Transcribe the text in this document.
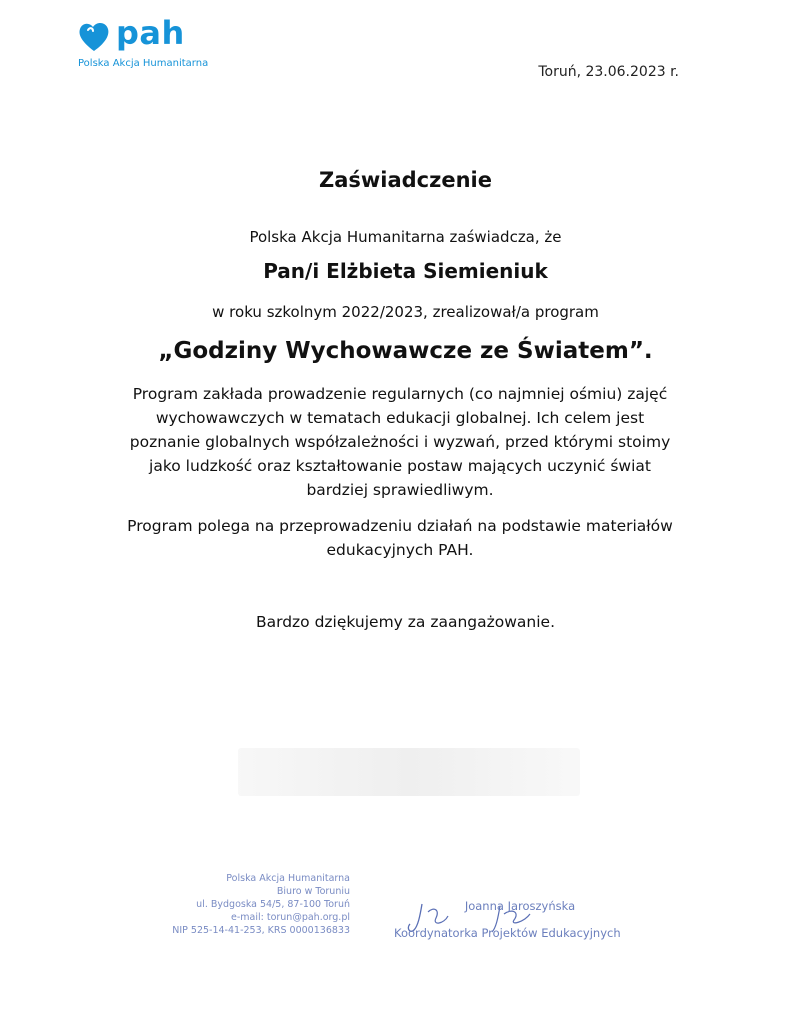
pah
Polska Akcja Humanitarna
Toruń, 23.06.2023 r.
Zaświadczenie
Polska Akcja Humanitarna zaświadcza, że
Pan/i Elżbieta Siemieniuk
w roku szkolnym 2022/2023, zrealizował/a program
„Godziny Wychowawcze ze Światem”.
Program zakłada prowadzenie regularnych (co najmniej ośmiu) zajęć
wychowawczych w tematach edukacji globalnej. Ich celem jest
poznanie globalnych współzależności i wyzwań, przed którymi stoimy
jako ludzkość oraz kształtowanie postaw mających uczynić świat
bardziej sprawiedliwym.
Program polega na przeprowadzeniu działań na podstawie materiałów
edukacyjnych PAH.
Bardzo dziękujemy za zaangażowanie.
Polska Akcja Humanitarna
Biuro w Toruniu
ul. Bydgoska 54/5, 87-100 Toruń
e-mail: torun@pah.org.pl
NIP 525-14-41-253, KRS 0000136833
Joanna Jaroszyńska
Koordynatorka Projektów Edukacyjnych
